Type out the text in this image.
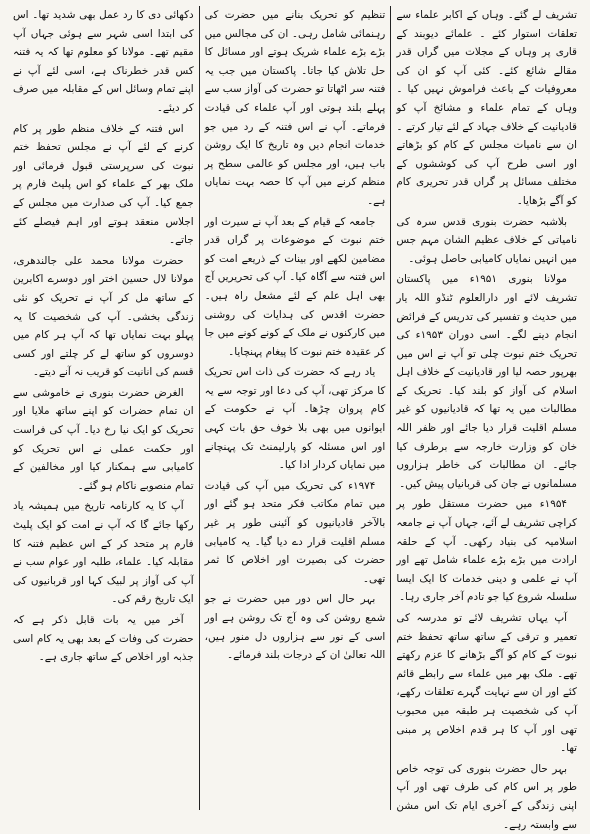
تشریف لے گئے۔ وہاں کے اکابر علماء سے تعلقات استوار کئے ۔ علمائے دیوبند کے قاری پر وہاں کے مجلات میں گراں قدر مقالے شائع کئے۔ کئی آپ کو ان کی معروفیات کے باعث فراموش نہیں کیا ۔ وہاں کے تمام علماء و مشائخ آپ کو قادیانیت کے خلاف جہاد کے لئے تیار کرتے ۔ ان سے نامیات مجلس کے کام کو بڑھاتے اور اسی طرح آپ کی کوششوں کے مختلف مسائل پر گراں قدر تحریری کام کو آگے بڑھایا۔

بلاشبہ حضرت بنوری قدس سرہ کی نامیاتی کے خلاف عظیم الشان مہم جس میں انہیں نمایاں کامیابی حاصل ہوئی۔

مولانا بنوری ۱۹۵۱ء میں پاکستان تشریف لائے اور دارالعلوم ٹنڈو اللہ یار میں حدیث و تفسیر کی تدریس کے فرائض انجام دینے لگے۔ اسی دوران ۱۹۵۳ء کی تحریک ختم نبوت چلی تو آپ نے اس میں بھرپور حصہ لیا اور قادیانیت کے خلاف اہل اسلام کی آواز کو بلند کیا۔ تحریک کے مطالبات میں یہ تھا کہ قادیانیوں کو غیر مسلم اقلیت قرار دیا جائے اور ظفر اللہ خان کو وزارت خارجہ سے برطرف کیا جائے۔ ان مطالبات کی خاطر ہزاروں مسلمانوں نے جان کی قربانیاں پیش کیں۔

۱۹۵۴ء میں حضرت مستقل طور پر کراچی تشریف لے آئے، جہاں آپ نے جامعہ اسلامیہ کی بنیاد رکھی۔ آپ کے حلقہ ارادت میں بڑے بڑے علماء شامل تھے اور آپ نے علمی و دینی خدمات کا ایک ایسا سلسلہ شروع کیا جو تادم آخر جاری رہا۔

آپ یہاں تشریف لائے تو مدرسہ کی تعمیر و ترقی کے ساتھ ساتھ تحفظ ختم نبوت کے کام کو آگے بڑھانے کا عزم رکھتے تھے۔ ملک بھر میں علماء سے رابطے قائم کئے اور ان سے نہایت گہرے تعلقات رکھے، آپ کی شخصیت ہر طبقہ میں محبوب تھی اور آپ کا ہر قدم اخلاص پر مبنی تھا۔

بہر حال حضرت بنوری کی توجہ خاص طور پر اس کام کی طرف تھی اور آپ اپنی زندگی کے آخری ایام تک اس مشن سے وابستہ رہے۔

تنظیم کو تحریک بنانے میں حضرت کی رہنمائی شامل رہی۔ ان کی مجالس میں بڑے بڑے علماء شریک ہوتے اور مسائل کا حل تلاش کیا جاتا۔ پاکستان میں جب یہ فتنہ سر اٹھاتا تو حضرت کی آواز سب سے پہلے بلند ہوتی اور آپ علماء کی قیادت فرماتے۔ آپ نے اس فتنہ کے رد میں جو خدمات انجام دیں وہ تاریخ کا ایک روشن باب ہیں، اور مجلس کو عالمی سطح پر منظم کرنے میں آپ کا حصہ بہت نمایاں ہے۔

جامعہ کے قیام کے بعد آپ نے سیرت اور ختم نبوت کے موضوعات پر گراں قدر مضامین لکھے اور بینات کے ذریعے امت کو اس فتنہ سے آگاہ کیا۔ آپ کی تحریریں آج بھی اہل علم کے لئے مشعل راہ ہیں۔ حضرت اقدس کی ہدایات کی روشنی میں کارکنوں نے ملک کے کونے کونے میں جا کر عقیدہ ختم نبوت کا پیغام پہنچایا۔

یاد رہے کہ حضرت کی ذات اس تحریک کا مرکز تھی، آپ کی دعا اور توجہ سے یہ کام پروان چڑھا۔ آپ نے حکومت کے ایوانوں میں بھی بلا خوف حق بات کہی اور اس مسئلہ کو پارلیمنٹ تک پہنچانے میں نمایاں کردار ادا کیا۔

۱۹۷۴ء کی تحریک میں آپ کی قیادت میں تمام مکاتب فکر متحد ہو گئے اور بالآخر قادیانیوں کو آئینی طور پر غیر مسلم اقلیت قرار دے دیا گیا۔ یہ کامیابی حضرت کی بصیرت اور اخلاص کا ثمر تھی۔

بہر حال اس دور میں حضرت نے جو شمع روشن کی وہ آج تک روشن ہے اور اسی کے نور سے ہزاروں دل منور ہیں، اللہ تعالیٰ ان کے درجات بلند فرمائے۔

دکھائی دی کا رد عمل بھی شدید تھا۔ اس کی ابتدا اسی شہر سے ہوئی جہاں آپ مقیم تھے۔ مولانا کو معلوم تھا کہ یہ فتنہ کس قدر خطرناک ہے، اسی لئے آپ نے اپنے تمام وسائل اس کے مقابلہ میں صرف کر دیئے۔

اس فتنہ کے خلاف منظم طور پر کام کرنے کے لئے آپ نے مجلس تحفظ ختم نبوت کی سرپرستی قبول فرمائی اور ملک بھر کے علماء کو اس پلیٹ فارم پر جمع کیا۔ آپ کی صدارت میں مجلس کے اجلاس منعقد ہوتے اور اہم فیصلے کئے جاتے۔

حضرت مولانا محمد علی جالندھری، مولانا لال حسین اختر اور دوسرے اکابرین کے ساتھ مل کر آپ نے تحریک کو نئی زندگی بخشی۔ آپ کی شخصیت کا یہ پہلو بہت نمایاں تھا کہ آپ ہر کام میں دوسروں کو ساتھ لے کر چلتے اور کسی قسم کی انانیت کو قریب نہ آنے دیتے۔

الغرض حضرت بنوری نے خاموشی سے ان تمام حضرات کو اپنے ساتھ ملایا اور تحریک کو ایک نیا رخ دیا۔ آپ کی فراست اور حکمت عملی نے اس تحریک کو کامیابی سے ہمکنار کیا اور مخالفین کے تمام منصوبے ناکام ہو گئے۔

آپ کا یہ کارنامہ تاریخ میں ہمیشہ یاد رکھا جائے گا کہ آپ نے امت کو ایک پلیٹ فارم پر متحد کر کے اس عظیم فتنہ کا مقابلہ کیا۔ علماء، طلبہ اور عوام سب نے آپ کی آواز پر لبیک کہا اور قربانیوں کی ایک تاریخ رقم کی۔

آخر میں یہ بات قابل ذکر ہے کہ حضرت کی وفات کے بعد بھی یہ کام اسی جذبہ اور اخلاص کے ساتھ جاری ہے۔
